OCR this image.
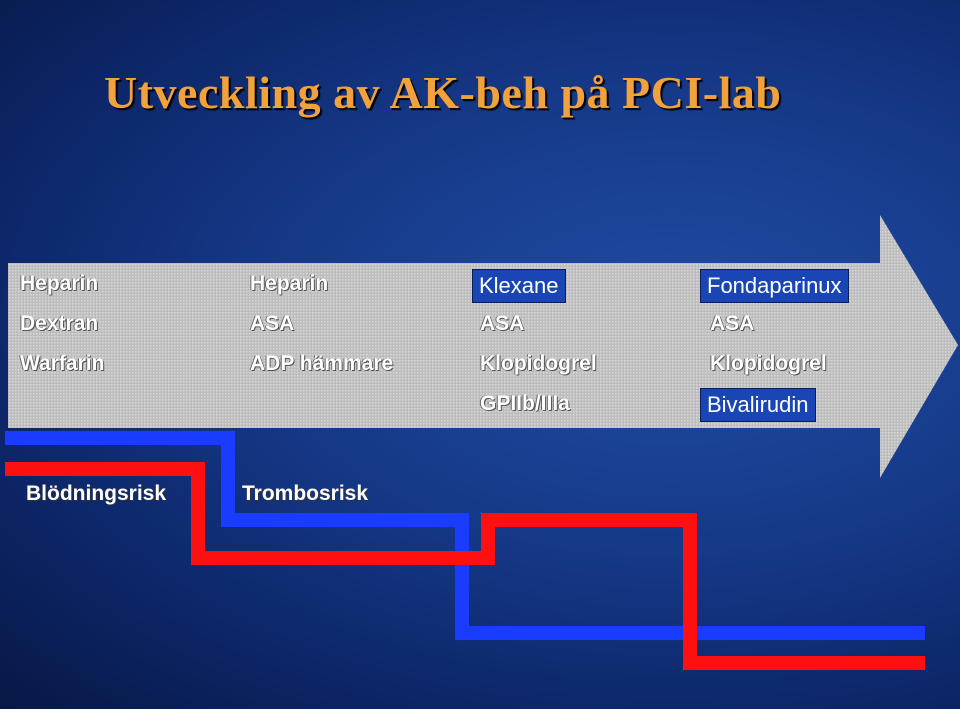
Utveckling av AK-beh på PCI-lab
Heparin
Dextran
Warfarin
Heparin
ASA
ADP hämmare
Klexane
ASA
Klopidogrel
GPIIb/IIIa
Fondaparinux
ASA
Klopidogrel
Bivalirudin
Blödningsrisk	Trombosrisk
